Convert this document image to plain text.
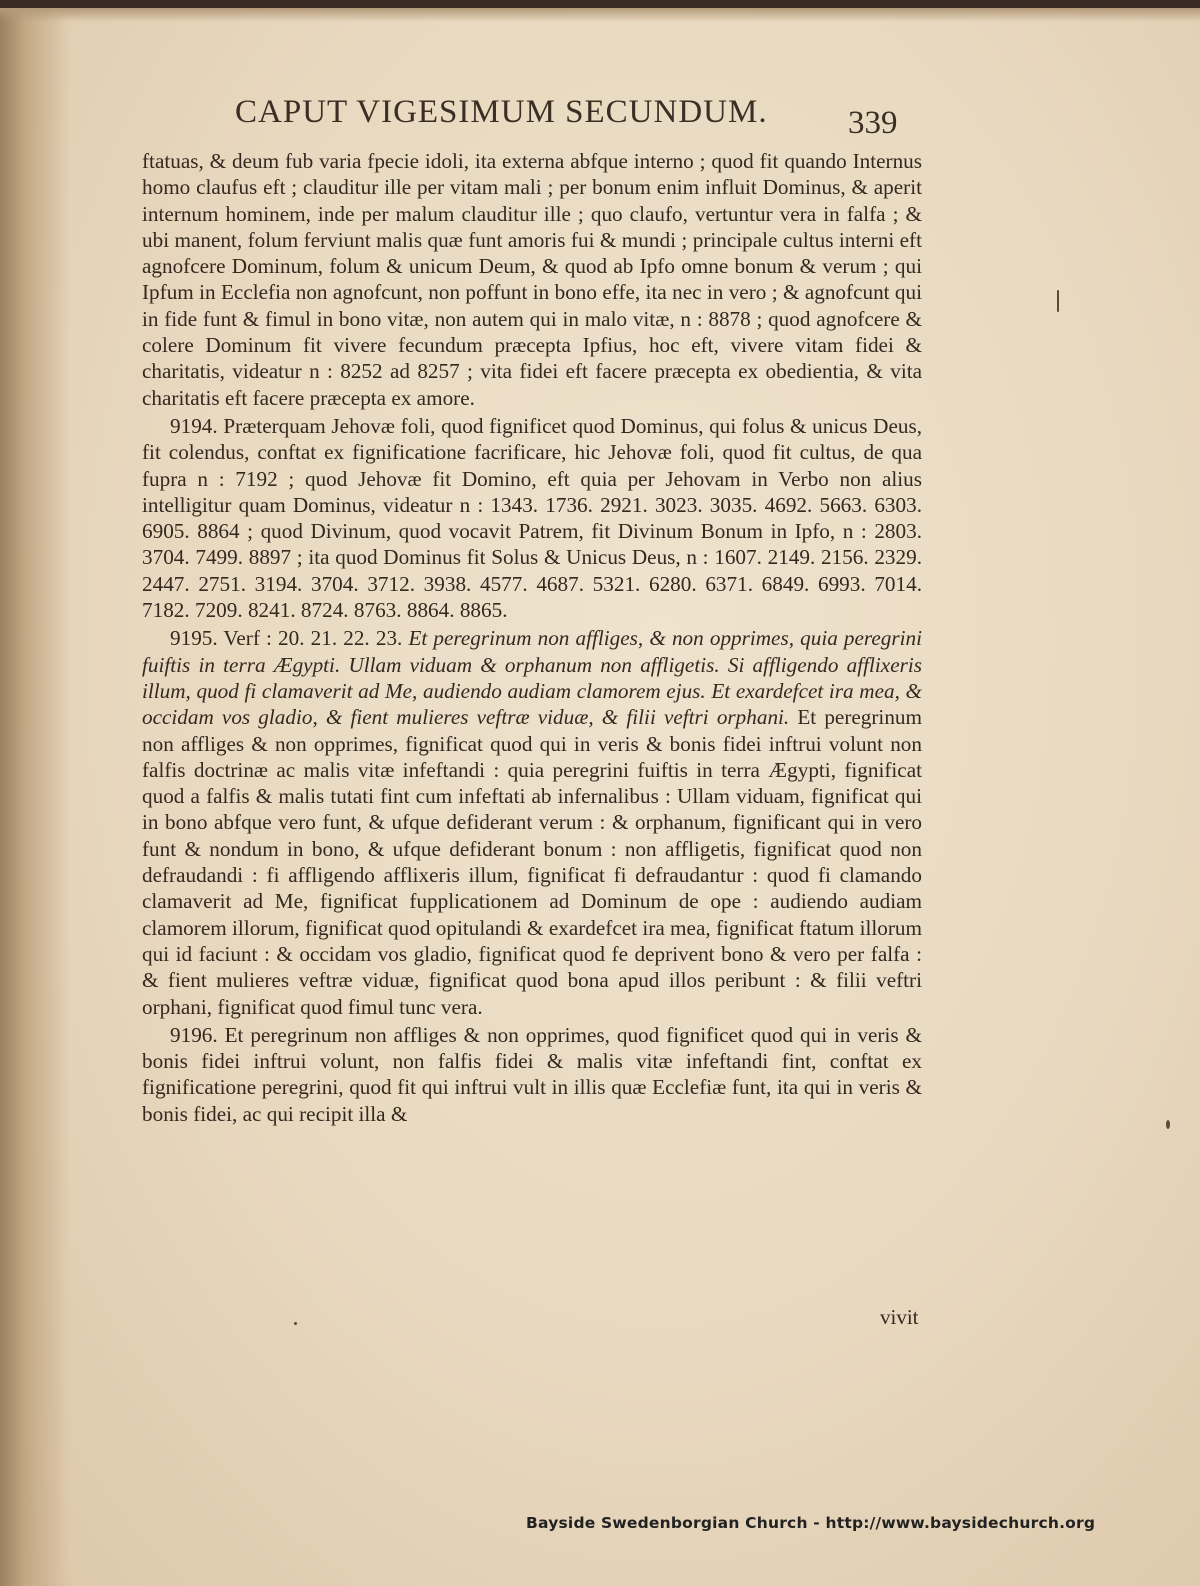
CAPUT VIGESIMUM SECUNDUM. 339

ftatuas, & deum fub varia fpecie idoli, ita externa abfque interno ; quod fit quando Internus homo claufus eft ; clauditur ille per vitam mali ; per bonum enim influit Dominus, & aperit internum hominem, inde per malum clauditur ille ; quo claufo, vertuntur vera in falfa ; & ubi manent, folum ferviunt malis quæ funt amoris fui & mundi ; principale cultus interni eft agnofcere Dominum, folum & unicum Deum, & quod ab Ipfo omne bonum & verum ; qui Ipfum in Ecclefia non agnofcunt, non poffunt in bono effe, ita nec in vero ; & agnofcunt qui in fide funt & fimul in bono vitæ, non autem qui in malo vitæ, n : 8878 ; quod agnofcere & colere Dominum fit vivere fecundum præcepta Ipfius, hoc eft, vivere vitam fidei & charitatis, videatur n : 8252 ad 8257 ; vita fidei eft facere præcepta ex obedientia, & vita charitatis eft facere præcepta ex amore.

9194. Præterquam Jehovæ foli, quod fignificet quod Dominus, qui folus & unicus Deus, fit colendus, conftat ex fignificatione facrificare, hic Jehovæ foli, quod fit cultus, de qua fupra n : 7192 ; quod Jehovæ fit Domino, eft quia per Jehovam in Verbo non alius intelligitur quam Dominus, videatur n : 1343. 1736. 2921. 3023. 3035. 4692. 5663. 6303. 6905. 8864 ; quod Divinum, quod vocavit Patrem, fit Divinum Bonum in Ipfo, n : 2803. 3704. 7499. 8897 ; ita quod Dominus fit Solus & Unicus Deus, n : 1607. 2149. 2156. 2329. 2447. 2751. 3194. 3704. 3712. 3938. 4577. 4687. 5321. 6280. 6371. 6849. 6993. 7014. 7182. 7209. 8241. 8724. 8763. 8864. 8865.

9195. Verf : 20. 21. 22. 23. Et peregrinum non affliges, & non opprimes, quia peregrini fuiftis in terra Ægypti. Ullam viduam & orphanum non affligetis. Si affligendo afflixeris illum, quod fi clamaverit ad Me, audiendo audiam clamorem ejus. Et exardefcet ira mea, & occidam vos gladio, & fient mulieres veftræ viduæ, & filii veftri orphani. Et peregrinum non affliges & non opprimes, fignificat quod qui in veris & bonis fidei inftrui volunt non falfis doctrinæ ac malis vitæ infeftandi : quia peregrini fuiftis in terra Ægypti, fignificat quod a falfis & malis tutati fint cum infeftati ab infernalibus : Ullam viduam, fignificat qui in bono abfque vero funt, & ufque defiderant verum : & orphanum, fignificant qui in vero funt & nondum in bono, & ufque defiderant bonum : non affligetis, fignificat quod non defraudandi : fi affligendo afflixeris illum, fignificat fi defraudantur : quod fi clamando clamaverit ad Me, fignificat fupplicationem ad Dominum de ope : audiendo audiam clamorem illorum, fignificat quod opitulandi & exardefcet ira mea, fignificat ftatum illorum qui id faciunt : & occidam vos gladio, fignificat quod fe deprivent bono & vero per falfa : & fient mulieres veftræ viduæ, fignificat quod bona apud illos peribunt : & filii veftri orphani, fignificat quod fimul tunc vera.

9196. Et peregrinum non affliges & non opprimes, quod fignificet quod qui in veris & bonis fidei inftrui volunt, non falfis fidei & malis vitæ infeftandi fint, conftat ex fignificatione peregrini, quod fit qui inftrui vult in illis quæ Ecclefiæ funt, ita qui in veris & bonis fidei, ac qui recipit illa &

vivit
Bayside Swedenborgian Church - http://www.baysidechurch.org
